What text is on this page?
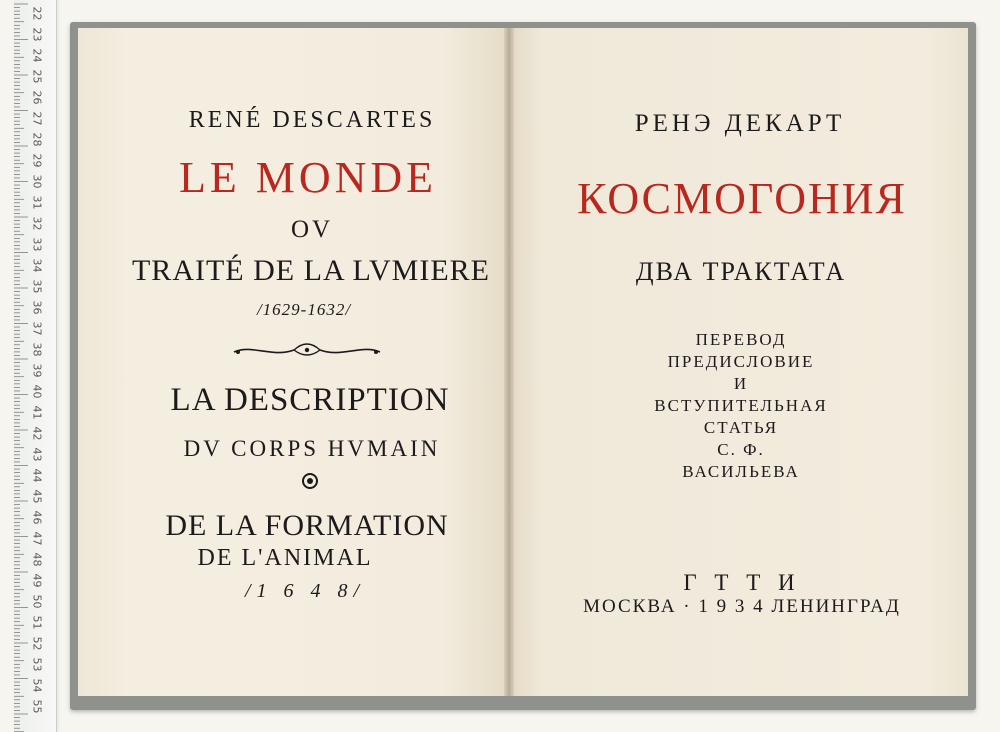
55
54
53
52
51
50
49
48
47
46
45
44
43
42
41
40
39
38
37
36
35
34
33
32
31
30
29
28
27
26
25
24
23
22
RENÉ DESCARTES
LE MONDE
OV
TRAITÉ DE LA LVMIERE
/1629-1632/
LA DESCRIPTION
DV CORPS HVMAIN
DE LA FORMATION
DE L'ANIMAL
/1 6 4 8/
РЕНЭ ДЕКАРТ
КОСМОГОНИЯ
ДВА ТРАКТАТА
ПЕРЕВОД
ПРЕДИСЛОВИЕ
И
ВСТУПИТЕЛЬНАЯ
СТАТЬЯ
С. Ф.
ВАСИЛЬЕВА
Г Т Т И
МОСКВА · 1 9 3 4 ЛЕНИНГРАД
